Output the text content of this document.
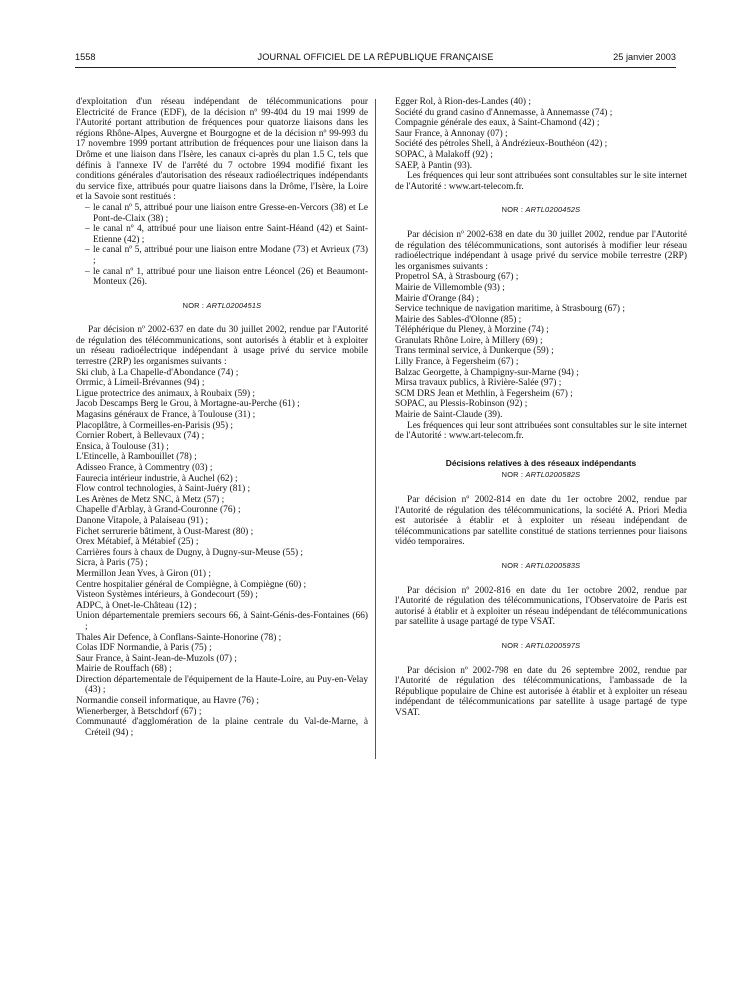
1558	JOURNAL OFFICIEL DE LA RÉPUBLIQUE FRANÇAISE	25 janvier 2003

d'exploitation d'un réseau indépendant de télécommunications pour Electricité de France (EDF), de la décision nº 99-404 du 19 mai 1999 de l'Autorité portant attribution de fréquences pour quatorze liaisons dans les régions Rhône-Alpes, Auvergne et Bourgogne et de la décision nº 99-993 du 17 novembre 1999 portant attribution de fréquences pour une liaison dans la Drôme et une liaison dans l'Isère, les canaux ci-après du plan 1.5 C, tels que définis à l'annexe IV de l'arrêté du 7 octobre 1994 modifié fixant les conditions générales d'autorisation des réseaux radioélectriques indépendants du service fixe, attribués pour quatre liaisons dans la Drôme, l'Isère, la Loire et la Savoie sont restitués :

– le canal nº 5, attribué pour une liaison entre Gresse-en-Vercors (38) et Le Pont-de-Claix (38) ;
– le canal nº 4, attribué pour une liaison entre Saint-Héand (42) et Saint-Etienne (42) ;
– le canal nº 5, attribué pour une liaison entre Modane (73) et Avrieux (73) ;
– le canal nº 1, attribué pour une liaison entre Léoncel (26) et Beaumont-Monteux (26).
NOR : ARTL0200451S

Par décision nº 2002-637 en date du 30 juillet 2002, rendue par l'Autorité de régulation des télécommunications, sont autorisés à établir et à exploiter un réseau radioélectrique indépendant à usage privé du service mobile terrestre (2RP) les organismes suivants :

Ski club, à La Chapelle-d'Abondance (74) ;
Orrmic, à Limeil-Brévannes (94) ;
Ligue protectrice des animaux, à Roubaix (59) ;
Jacob Descamps Berg le Grou, à Mortagne-au-Perche (61) ;
Magasins généraux de France, à Toulouse (31) ;
Placoplâtre, à Cormeilles-en-Parisis (95) ;
Cornier Robert, à Bellevaux (74) ;
Ensica, à Toulouse (31) ;
L'Etincelle, à Rambouillet (78) ;
Adisseo France, à Commentry (03) ;
Faurecia intérieur industrie, à Auchel (62) ;
Flow control technologies, à Saint-Juéry (81) ;
Les Arènes de Metz SNC, à Metz (57) ;
Chapelle d'Arblay, à Grand-Couronne (76) ;
Danone Vitapole, à Palaiseau (91) ;
Fichet serrurerie bâtiment, à Oust-Marest (80) ;
Orex Métabief, à Métabief (25) ;
Carrières fours à chaux de Dugny, à Dugny-sur-Meuse (55) ;
Sicra, à Paris (75) ;
Mermillon Jean Yves, à Giron (01) ;
Centre hospitalier général de Compiègne, à Compiègne (60) ;
Visteon Systèmes intérieurs, à Gondecourt (59) ;
ADPC, à Onet-le-Château (12) ;
Union départementale premiers secours 66, à Saint-Génis-des-Fontaines (66) ;
Thales Air Defence, à Conflans-Sainte-Honorine (78) ;
Colas IDF Normandie, à Paris (75) ;
Saur France, à Saint-Jean-de-Muzols (07) ;
Mairie de Rouffach (68) ;
Direction départementale de l'équipement de la Haute-Loire, au Puy-en-Velay (43) ;
Normandie conseil informatique, au Havre (76) ;
Wienerberger, à Betschdorf (67) ;
Communauté d'agglomération de la plaine centrale du Val-de-Marne, à Créteil (94) ;
Egger Rol, à Rion-des-Landes (40) ;
Société du grand casino d'Annemasse, à Annemasse (74) ;
Compagnie générale des eaux, à Saint-Chamond (42) ;
Saur France, à Annonay (07) ;
Société des pétroles Shell, à Andrézieux-Bouthéon (42) ;
SOPAC, à Malakoff (92) ;
SAEP, à Pantin (93).

Les fréquences qui leur sont attribuées sont consultables sur le site internet de l'Autorité : www.art-telecom.fr.

NOR : ARTL0200452S

Par décision nº 2002-638 en date du 30 juillet 2002, rendue par l'Autorité de régulation des télécommunications, sont autorisés à modifier leur réseau radioélectrique indépendant à usage privé du service mobile terrestre (2RP) les organismes suivants :

Propetrol SA, à Strasbourg (67) ;
Mairie de Villemomble (93) ;
Mairie d'Orange (84) ;
Service technique de navigation maritime, à Strasbourg (67) ;
Mairie des Sables-d'Olonne (85) ;
Téléphérique du Pleney, à Morzine (74) ;
Granulats Rhône Loire, à Millery (69) ;
Trans terminal service, à Dunkerque (59) ;
Lilly France, à Fegersheim (67) ;
Balzac Georgette, à Champigny-sur-Marne (94) ;
Mirsa travaux publics, à Rivière-Salée (97) ;
SCM DRS Jean et Methlin, à Fegersheim (67) ;
SOPAC, au Plessis-Robinson (92) ;
Mairie de Saint-Claude (39).

Les fréquences qui leur sont attribuées sont consultables sur le site internet de l'Autorité : www.art-telecom.fr.

Décisions relatives à des réseaux indépendants
NOR : ARTL0200582S

Par décision nº 2002-814 en date du 1er octobre 2002, rendue par l'Autorité de régulation des télécommunications, la société A. Priori Media est autorisée à établir et à exploiter un réseau indépendant de télécommunications par satellite constitué de stations terriennes pour liaisons vidéo temporaires.

NOR : ARTL0200583S

Par décision nº 2002-816 en date du 1er octobre 2002, rendue par l'Autorité de régulation des télécommunications, l'Observatoire de Paris est autorisé à établir et à exploiter un réseau indépendant de télécommunications par satellite à usage partagé de type VSAT.

NOR : ARTL0200597S

Par décision nº 2002-798 en date du 26 septembre 2002, rendue par l'Autorité de régulation des télécommunications, l'ambassade de la République populaire de Chine est autorisée à établir et à exploiter un réseau indépendant de télécommunications par satellite à usage partagé de type VSAT.
